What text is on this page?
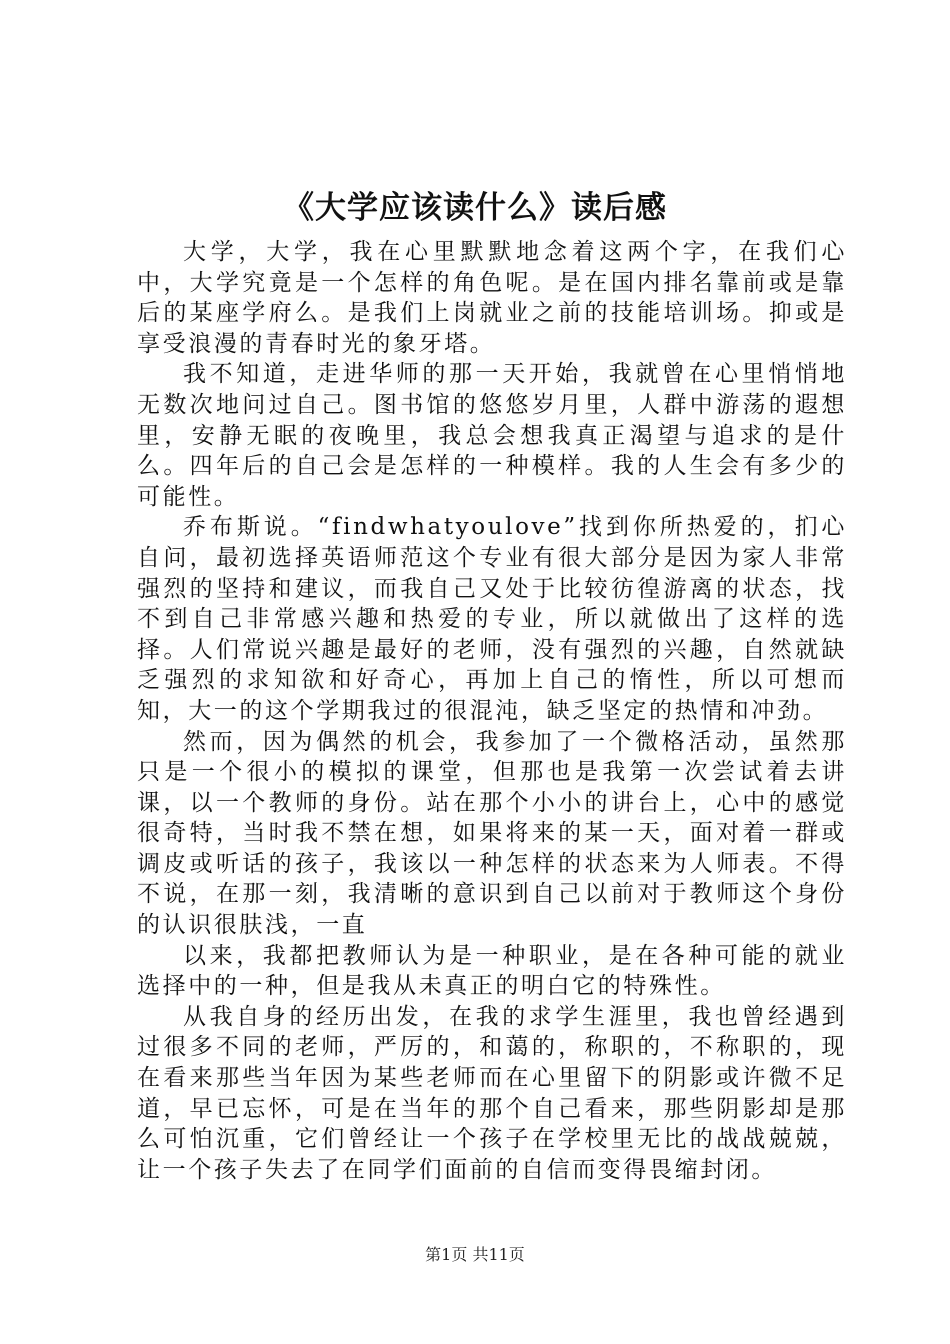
《大学应该读什么》读后感

大学，大学，我在心里默默地念着这两个字，在我们心中，大学究竟是一个怎样的角色呢。是在国内排名靠前或是靠后的某座学府么。是我们上岗就业之前的技能培训场。抑或是享受浪漫的青春时光的象牙塔。

我不知道，走进华师的那一天开始，我就曾在心里悄悄地无数次地问过自己。图书馆的悠悠岁月里，人群中游荡的遐想里，安静无眠的夜晚里，我总会想我真正渴望与追求的是什么。四年后的自己会是怎样的一种模样。我的人生会有多少的可能性。

乔布斯说。“findwhatyoulove”找到你所热爱的，扪心自问，最初选择英语师范这个专业有很大部分是因为家人非常强烈的坚持和建议，而我自己又处于比较彷徨游离的状态，找不到自己非常感兴趣和热爱的专业，所以就做出了这样的选择。人们常说兴趣是最好的老师，没有强烈的兴趣，自然就缺乏强烈的求知欲和好奇心，再加上自己的惰性，所以可想而知，大一的这个学期我过的很混沌，缺乏坚定的热情和冲劲。

然而，因为偶然的机会，我参加了一个微格活动，虽然那只是一个很小的模拟的课堂，但那也是我第一次尝试着去讲课，以一个教师的身份。站在那个小小的讲台上，心中的感觉很奇特，当时我不禁在想，如果将来的某一天，面对着一群或调皮或听话的孩子，我该以一种怎样的状态来为人师表。不得不说，在那一刻，我清晰的意识到自己以前对于教师这个身份的认识很肤浅，一直

以来，我都把教师认为是一种职业，是在各种可能的就业选择中的一种，但是我从未真正的明白它的特殊性。

从我自身的经历出发，在我的求学生涯里，我也曾经遇到过很多不同的老师，严厉的，和蔼的，称职的，不称职的，现在看来那些当年因为某些老师而在心里留下的阴影或许微不足道，早已忘怀，可是在当年的那个自己看来，那些阴影却是那么可怕沉重，它们曾经让一个孩子在学校里无比的战战兢兢，让一个孩子失去了在同学们面前的自信而变得畏缩封闭。

第1页 共11页
